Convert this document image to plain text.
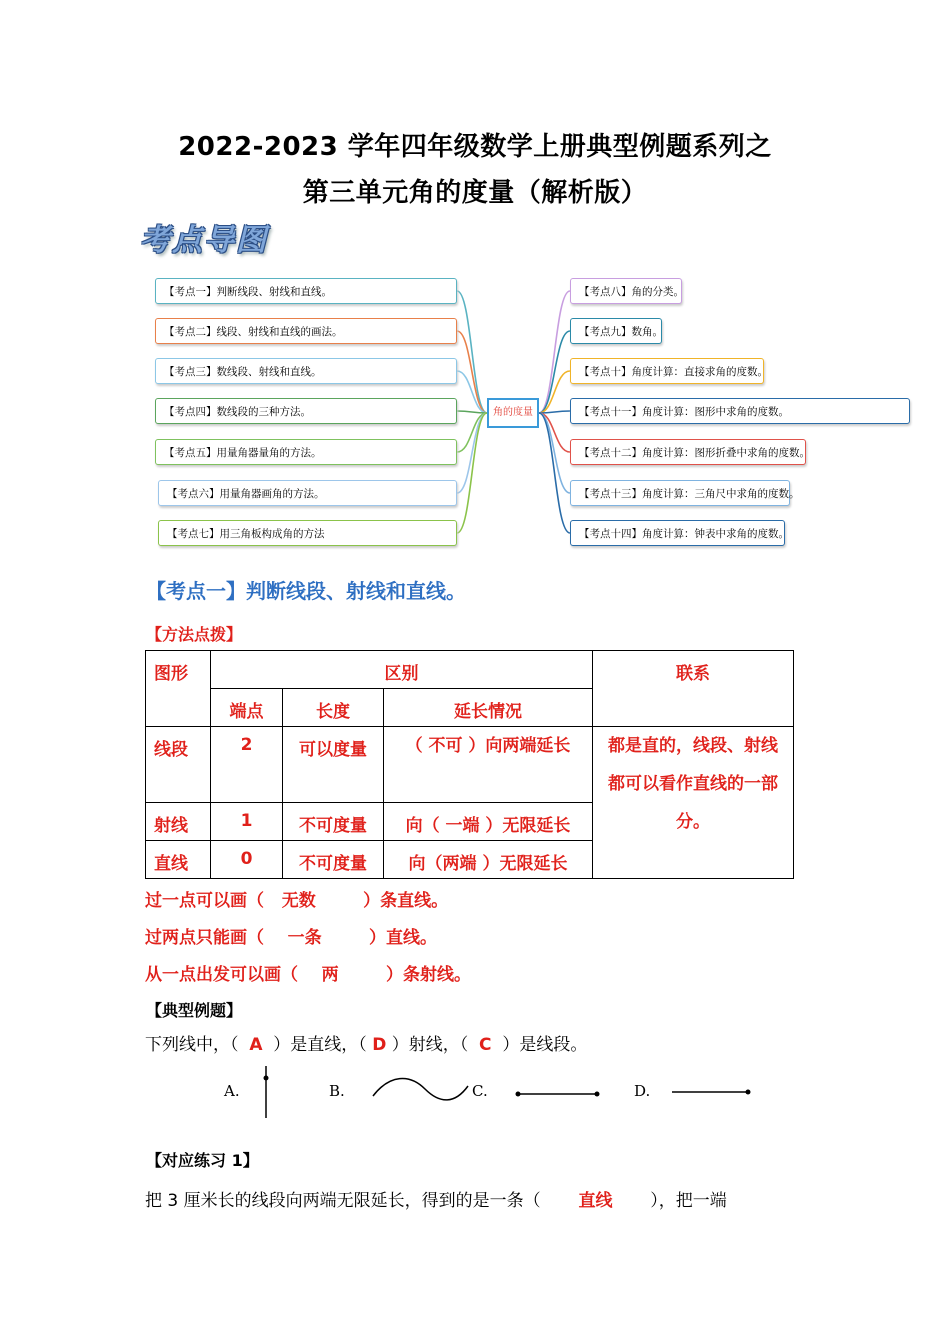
2022-2023 学年四年级数学上册典型例题系列之
第三单元角的度量（解析版）
考点导图
角的度量
【考点一】判断线段、射线和直线。
【方法点拨】
图形	区别			联系
	端点	长度	延长情况	
线段	2	可以度量	（ 不可 ）向两端延长	都是直的，线段、射线都可以看作直线的一部分。
射线	1	不可度量	向（ 一端 ）无限延长	
直线	0	不可度量	向（两端 ）无限延长	
过一点可以画（   无数        ）条直线。
过两点只能画（    一条        ）直线。
从一点出发可以画（    两        ）条射线。
【典型例题】
下列线中，（  A  ）是直线，（ D ）射线，（  C  ）是线段。
A.	B.	C.	D.
【对应练习 1】
把 3 厘米长的线段向两端无限延长，得到的是一条（       直线       ），把一端
【考点一】判断线段、射线和直线。
【考点二】线段、射线和直线的画法。
【考点三】数线段、射线和直线。
【考点四】数线段的三种方法。
【考点五】用量角器量角的方法。
【考点六】用量角器画角的方法。
【考点七】用三角板构成角的方法
【考点八】角的分类。
【考点九】数角。
【考点十】角度计算：直接求角的度数。
【考点十一】角度计算：图形中求角的度数。
【考点十二】角度计算：图形折叠中求角的度数。
【考点十三】角度计算：三角尺中求角的度数。
【考点十四】角度计算：钟表中求角的度数。
